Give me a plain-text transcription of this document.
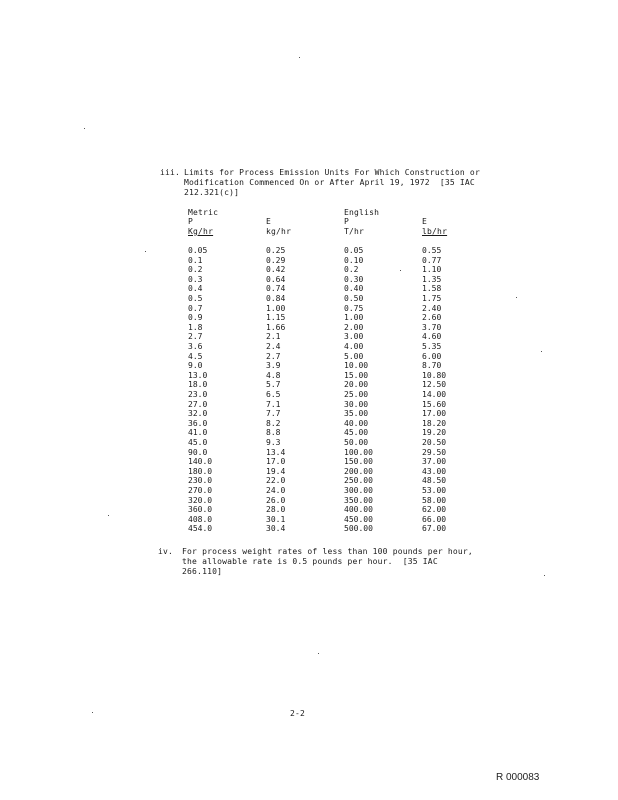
iii. Limits for Process Emission Units For Which Construction or
Modification Commenced On or After April 19, 1972  [35 IAC
212.321(c)]
Metric	English
P	E	P	E
Kg/hr	kg/hr	T/hr	lb/hr
0.05	0.25	0.05	0.55
0.1	0.29	0.10	0.77
0.2	0.42	0.2	1.10
0.3	0.64	0.30	1.35
0.4	0.74	0.40	1.58
0.5	0.84	0.50	1.75
0.7	1.00	0.75	2.40
0.9	1.15	1.00	2.60
1.8	1.66	2.00	3.70
2.7	2.1	3.00	4.60
3.6	2.4	4.00	5.35
4.5	2.7	5.00	6.00
9.0	3.9	10.00	8.70
13.0	4.8	15.00	10.80
18.0	5.7	20.00	12.50
23.0	6.5	25.00	14.00
27.0	7.1	30.00	15.60
32.0	7.7	35.00	17.00
36.0	8.2	40.00	18.20
41.0	8.8	45.00	19.20
45.0	9.3	50.00	20.50
90.0	13.4	100.00	29.50
140.0	17.0	150.00	37.00
180.0	19.4	200.00	43.00
230.0	22.0	250.00	48.50
270.0	24.0	300.00	53.00
320.0	26.0	350.00	58.00
360.0	28.0	400.00	62.00
408.0	30.1	450.00	66.00
454.0	30.4	500.00	67.00
iv. For process weight rates of less than 100 pounds per hour,
the allowable rate is 0.5 pounds per hour.  [35 IAC
266.110]
2-2
R 000083
